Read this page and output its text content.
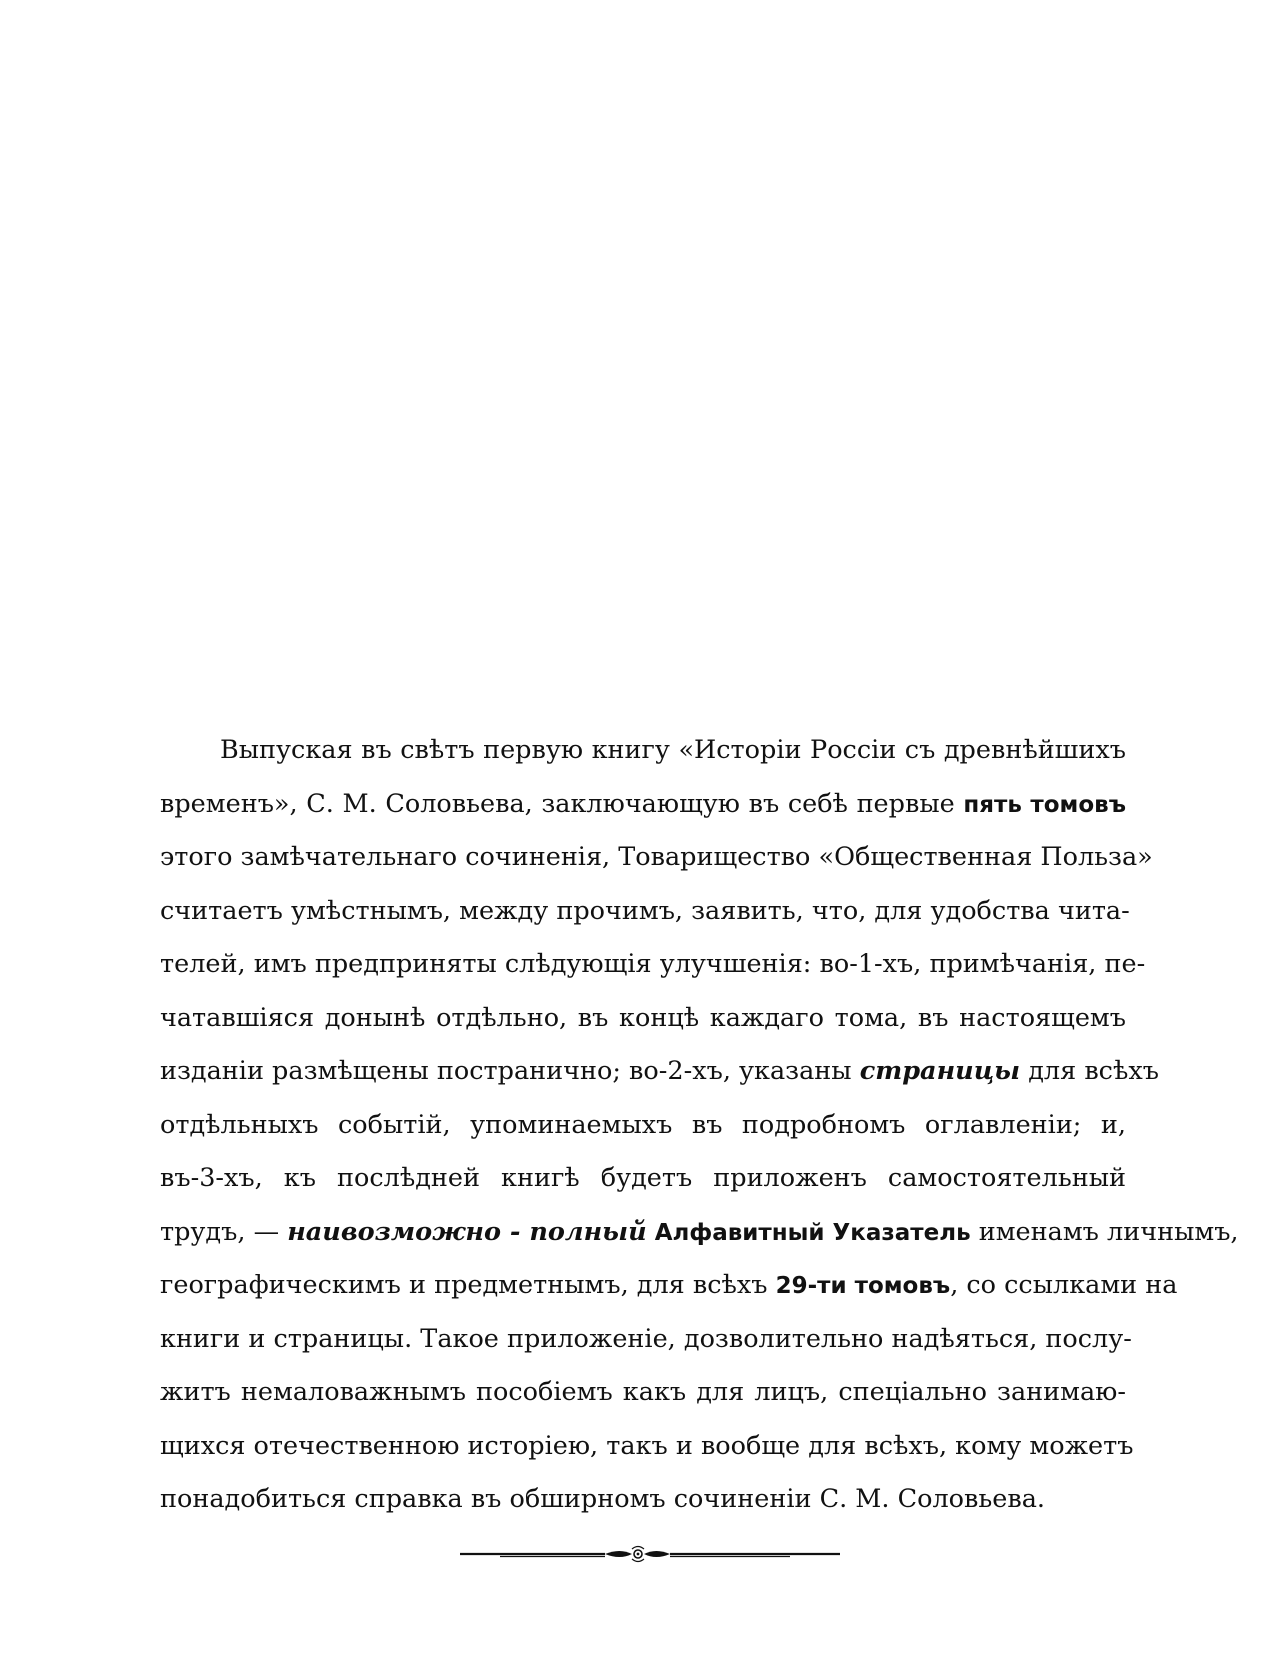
Выпуская въ свѣтъ первую книгу «Исторіи Россіи съ древнѣйшихъ
временъ», С. М. Соловьева, заключающую въ себѣ первые пять томовъ
этого замѣчательнаго сочиненія, Товарищество «Общественная Польза»
считаетъ умѣстнымъ, между прочимъ, заявить, что, для удобства чита-
телей, имъ предприняты слѣдующія улучшенія: во-1-хъ, примѣчанія, пе-
чатавшіяся донынѣ отдѣльно, въ концѣ каждаго тома, въ настоящемъ
изданіи размѣщены постранично; во-2-хъ, указаны страницы для всѣхъ
отдѣльныхъ событій, упоминаемыхъ въ подробномъ оглавленіи; и,
въ-3-хъ, къ послѣдней книгѣ будетъ приложенъ самостоятельный
трудъ, — наивозможно - полный Алфавитный Указатель именамъ личнымъ,
географическимъ и предметнымъ, для всѣхъ 29-ти томовъ, со ссылками на
книги и страницы. Такое приложеніе, дозволительно надѣяться, послу-
житъ немаловажнымъ пособіемъ какъ для лицъ, спеціально занимаю-
щихся отечественною исторіею, такъ и вообще для всѣхъ, кому можетъ
понадобиться справка въ обширномъ сочиненіи С. М. Соловьева.
